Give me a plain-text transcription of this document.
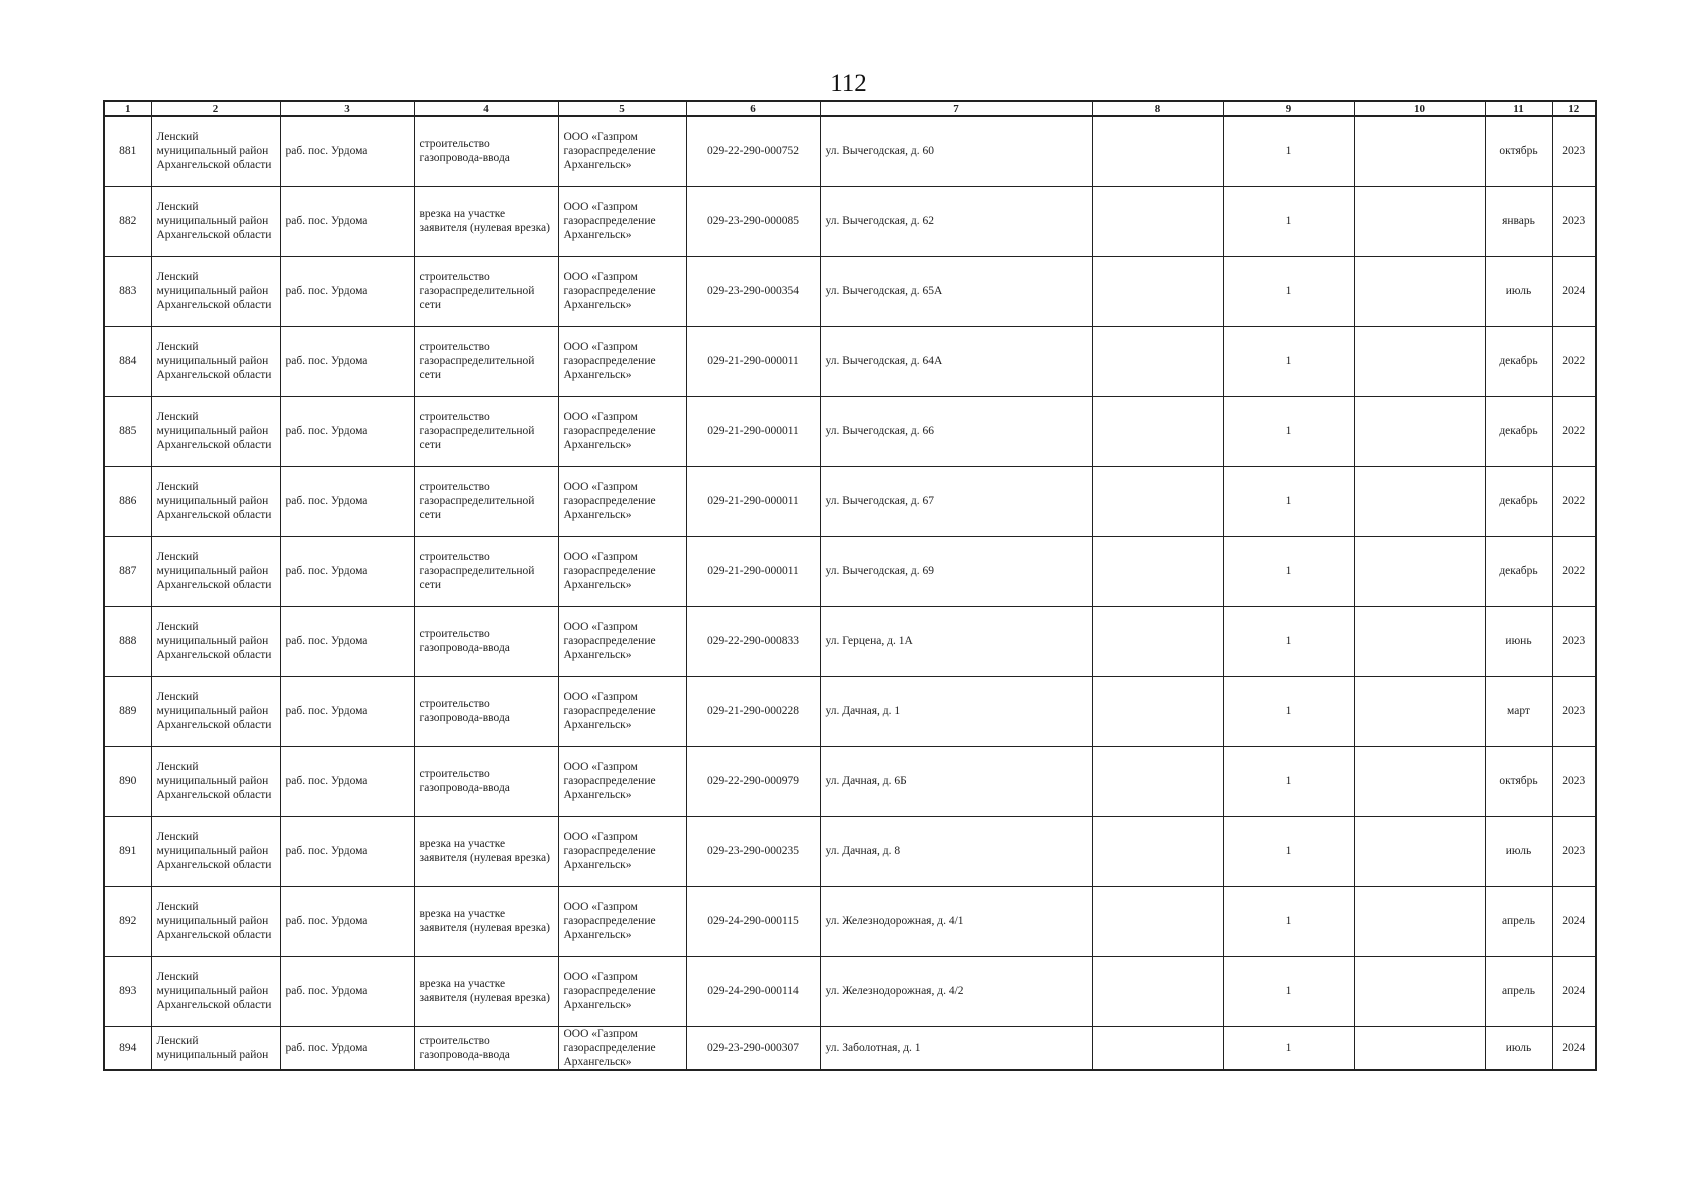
112
1	2	3	4	5	6	7	8	9	10	11	12
881	Ленский муниципальный район Архангельской области	раб. пос. Урдома	строительство газопровода-ввода	ООО «Газпром газораспределение Архангельск»	029-22-290-000752	ул. Вычегодская, д. 60		1		октябрь	2023
882	Ленский муниципальный район Архангельской области	раб. пос. Урдома	врезка на участке заявителя (нулевая врезка)	ООО «Газпром газораспределение Архангельск»	029-23-290-000085	ул. Вычегодская, д. 62		1		январь	2023
883	Ленский муниципальный район Архангельской области	раб. пос. Урдома	строительство газораспределительной сети	ООО «Газпром газораспределение Архангельск»	029-23-290-000354	ул. Вычегодская, д. 65А		1		июль	2024
884	Ленский муниципальный район Архангельской области	раб. пос. Урдома	строительство газораспределительной сети	ООО «Газпром газораспределение Архангельск»	029-21-290-000011	ул. Вычегодская, д. 64А		1		декабрь	2022
885	Ленский муниципальный район Архангельской области	раб. пос. Урдома	строительство газораспределительной сети	ООО «Газпром газораспределение Архангельск»	029-21-290-000011	ул. Вычегодская, д. 66		1		декабрь	2022
886	Ленский муниципальный район Архангельской области	раб. пос. Урдома	строительство газораспределительной сети	ООО «Газпром газораспределение Архангельск»	029-21-290-000011	ул. Вычегодская, д. 67		1		декабрь	2022
887	Ленский муниципальный район Архангельской области	раб. пос. Урдома	строительство газораспределительной сети	ООО «Газпром газораспределение Архангельск»	029-21-290-000011	ул. Вычегодская, д. 69		1		декабрь	2022
888	Ленский муниципальный район Архангельской области	раб. пос. Урдома	строительство газопровода-ввода	ООО «Газпром газораспределение Архангельск»	029-22-290-000833	ул. Герцена, д. 1А		1		июнь	2023
889	Ленский муниципальный район Архангельской области	раб. пос. Урдома	строительство газопровода-ввода	ООО «Газпром газораспределение Архангельск»	029-21-290-000228	ул. Дачная, д. 1		1		март	2023
890	Ленский муниципальный район Архангельской области	раб. пос. Урдома	строительство газопровода-ввода	ООО «Газпром газораспределение Архангельск»	029-22-290-000979	ул. Дачная, д. 6Б		1		октябрь	2023
891	Ленский муниципальный район Архангельской области	раб. пос. Урдома	врезка на участке заявителя (нулевая врезка)	ООО «Газпром газораспределение Архангельск»	029-23-290-000235	ул. Дачная, д. 8		1		июль	2023
892	Ленский муниципальный район Архангельской области	раб. пос. Урдома	врезка на участке заявителя (нулевая врезка)	ООО «Газпром газораспределение Архангельск»	029-24-290-000115	ул. Железнодорожная, д. 4/1		1		апрель	2024
893	Ленский муниципальный район Архангельской области	раб. пос. Урдома	врезка на участке заявителя (нулевая врезка)	ООО «Газпром газораспределение Архангельск»	029-24-290-000114	ул. Железнодорожная, д. 4/2		1		апрель	2024
894	Ленский муниципальный район	раб. пос. Урдома	строительство газопровода-ввода	ООО «Газпром газораспределение Архангельск»	029-23-290-000307	ул. Заболотная, д. 1		1		июль	2024
